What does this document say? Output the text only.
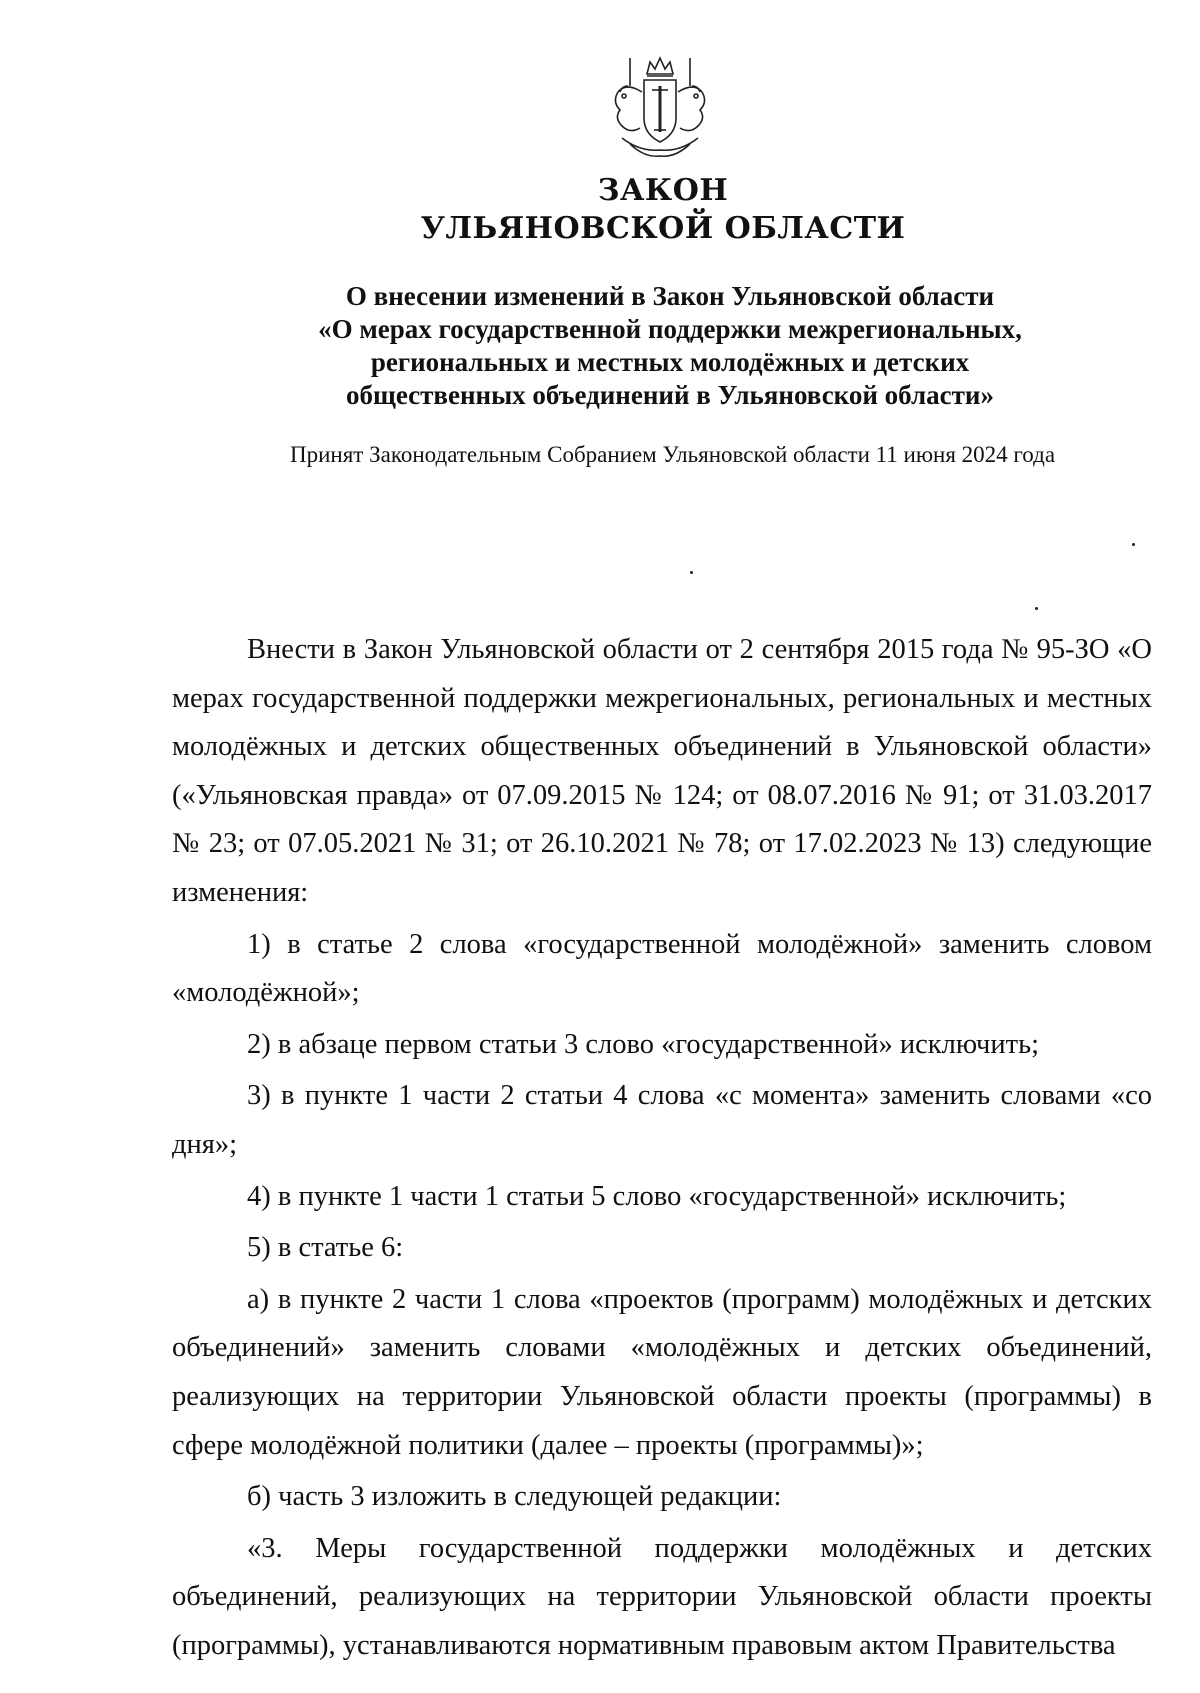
ЗАКОН
УЛЬЯНОВСКОЙ ОБЛАСТИ
О внесении изменений в Закон Ульяновской области
«О мерах государственной поддержки межрегиональных,
региональных и местных молодёжных и детских
общественных объединений в Ульяновской области»
Принят Законодательным Собранием Ульяновской области 11 июня 2024 года

Внести в Закон Ульяновской области от 2 сентября 2015 года № 95-ЗО «О мерах государственной поддержки межрегиональных, региональных и местных молодёжных и детских общественных объединений в Ульяновской области» («Ульяновская правда» от 07.09.2015 № 124; от 08.07.2016 № 91; от 31.03.2017 № 23; от 07.05.2021 № 31; от 26.10.2021 № 78; от 17.02.2023 № 13) следующие изменения:

1) в статье 2 слова «государственной молодёжной» заменить словом «молодёжной»;

2) в абзаце первом статьи 3 слово «государственной» исключить;

3) в пункте 1 части 2 статьи 4 слова «с момента» заменить словами «со дня»;

4) в пункте 1 части 1 статьи 5 слово «государственной» исключить;

5) в статье 6:

а) в пункте 2 части 1 слова «проектов (программ) молодёжных и детских объединений» заменить словами «молодёжных и детских объединений, реализующих на территории Ульяновской области проекты (программы) в сфере молодёжной политики (далее – проекты (программы)»;

б) часть 3 изложить в следующей редакции:

«3. Меры государственной поддержки молодёжных и детских объединений, реализующих на территории Ульяновской области проекты (программы), устанавливаются нормативным правовым актом Правительства
